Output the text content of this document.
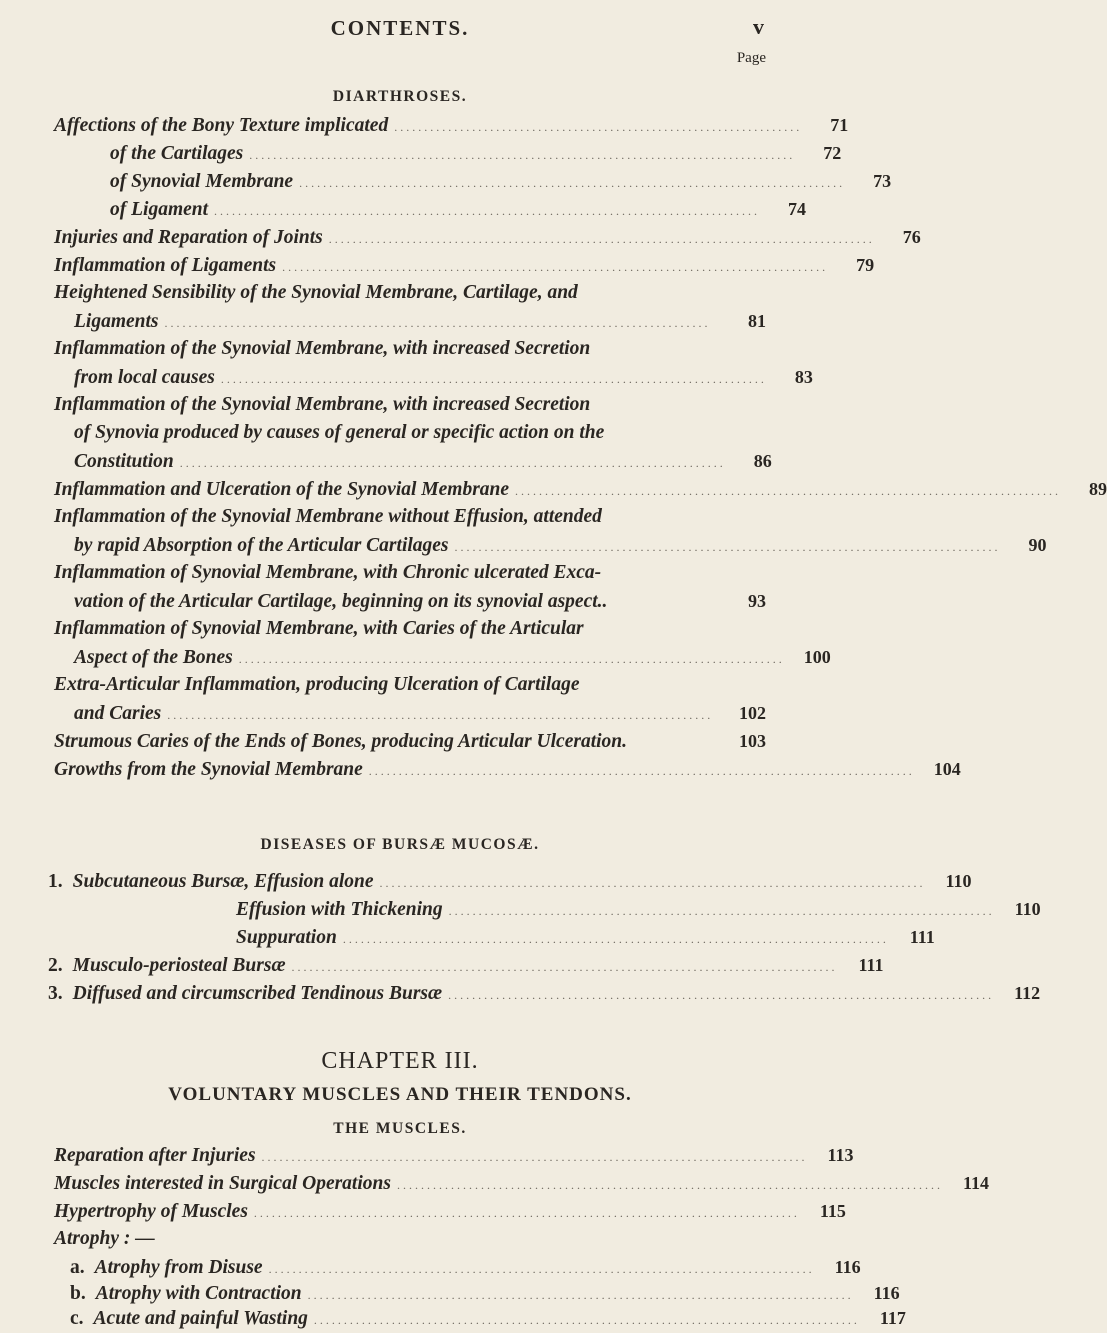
CONTENTS.	v
Page
DIARTHROSES.
Affections of the Bony Texture implicated ....................................................................	71
of the Cartilages ...........................................................................................	72
of Synovial Membrane ...........................................................................................	73
of Ligament ...........................................................................................	74
Injuries and Reparation of Joints ...........................................................................................	76
Inflammation of Ligaments ...........................................................................................	79
Heightened Sensibility of the Synovial Membrane, Cartilage, and
Ligaments ...........................................................................................	81
Inflammation of the Synovial Membrane, with increased Secretion
from local causes ...........................................................................................	83
Inflammation of the Synovial Membrane, with increased Secretion
of Synovia produced by causes of general or specific action on the
Constitution ...........................................................................................	86
Inflammation and Ulceration of the Synovial Membrane ...........................................................................................	89
Inflammation of the Synovial Membrane without Effusion, attended
by rapid Absorption of the Articular Cartilages ...........................................................................................	90
Inflammation of Synovial Membrane, with Chronic ulcerated Exca-
vation of the Articular Cartilage, beginning on its synovial aspect..	93
Inflammation of Synovial Membrane, with Caries of the Articular
Aspect of the Bones ...........................................................................................	100
Extra-Articular Inflammation, producing Ulceration of Cartilage
and Caries ...........................................................................................	102
Strumous Caries of the Ends of Bones, producing Articular Ulceration.	103
Growths from the Synovial Membrane ...........................................................................................	104
DISEASES OF BURSÆ MUCOSÆ.
1. Subcutaneous Bursæ, Effusion alone ...........................................................................................	110
Effusion with Thickening ...........................................................................................	110
Suppuration ...........................................................................................	111
2. Musculo-periosteal Bursæ ...........................................................................................	111
3. Diffused and circumscribed Tendinous Bursæ ...........................................................................................	112
CHAPTER III.
VOLUNTARY MUSCLES AND THEIR TENDONS.
THE MUSCLES.
Reparation after Injuries ...........................................................................................	113
Muscles interested in Surgical Operations ...........................................................................................	114
Hypertrophy of Muscles ...........................................................................................	115
Atrophy : —
a. Atrophy from Disuse ...........................................................................................	116
b. Atrophy with Contraction ...........................................................................................	116
c. Acute and painful Wasting ...........................................................................................	117
